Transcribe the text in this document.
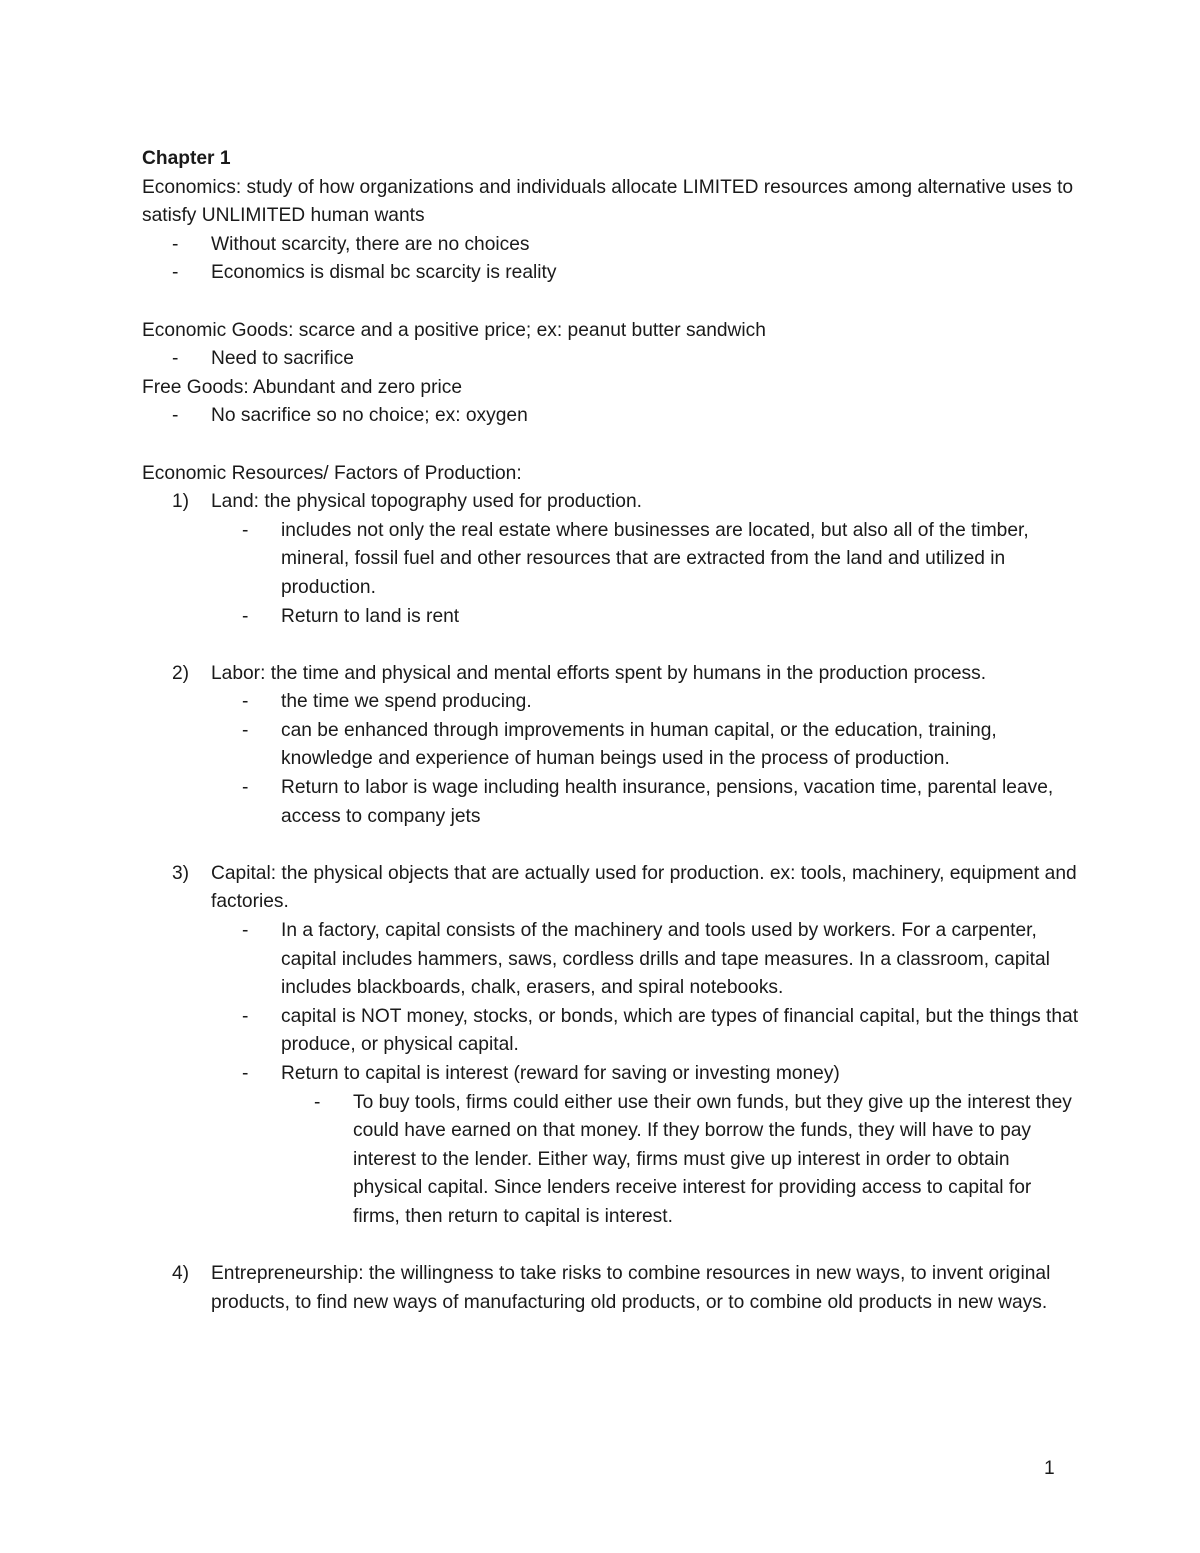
Chapter 1
Economics: study of how organizations and individuals allocate LIMITED resources among alternative uses to satisfy UNLIMITED human wants
-	Without scarcity, there are no choices
-	Economics is dismal bc scarcity is reality
Economic Goods: scarce and a positive price; ex: peanut butter sandwich
-	Need to sacrifice
Free Goods: Abundant and zero price
-	No sacrifice so no choice; ex: oxygen
Economic Resources/ Factors of Production:
1)	Land: the physical topography used for production.
-	includes not only the real estate where businesses are located, but also all of the timber, mineral, fossil fuel and other resources that are extracted from the land and utilized in production.
-	Return to land is rent
2)	Labor: the time and physical and mental efforts spent by humans in the production process.
-	the time we spend producing.
-	can be enhanced through improvements in human capital, or the education, training, knowledge and experience of human beings used in the process of production.
-	Return to labor is wage including health insurance, pensions, vacation time, parental leave, access to company jets
3)	Capital: the physical objects that are actually used for production. ex: tools, machinery, equipment and factories.
-	In a factory, capital consists of the machinery and tools used by workers. For a carpenter, capital includes hammers, saws, cordless drills and tape measures. In a classroom, capital includes blackboards, chalk, erasers, and spiral notebooks.
-	capital is NOT money, stocks, or bonds, which are types of financial capital, but the things that produce, or physical capital.
-	Return to capital is interest (reward for saving or investing money)
-	To buy tools, firms could either use their own funds, but they give up the interest they could have earned on that money. If they borrow the funds, they will have to pay interest to the lender. Either way, firms must give up interest in order to obtain physical capital. Since lenders receive interest for providing access to capital for firms, then return to capital is interest.
4)	Entrepreneurship: the willingness to take risks to combine resources in new ways, to invent original products, to find new ways of manufacturing old products, or to combine old products in new ways.
1
